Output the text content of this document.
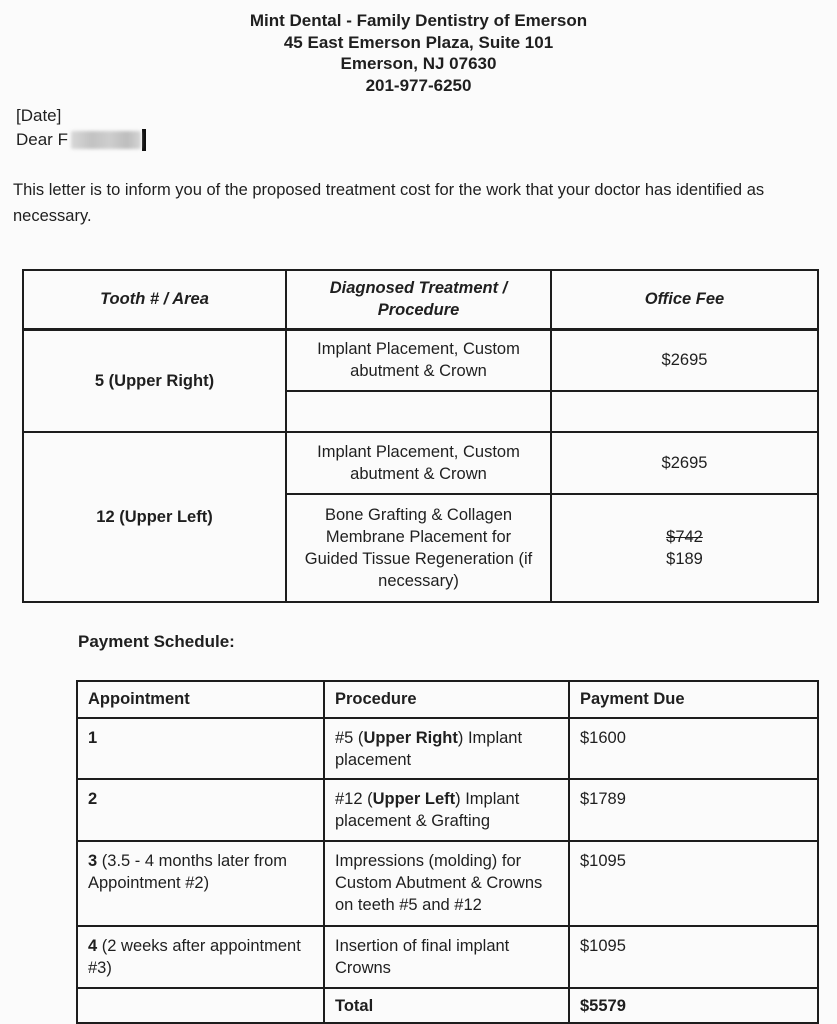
Mint Dental - Family Dentistry of Emerson
45 East Emerson Plaza, Suite 101
Emerson, NJ 07630
201-977-6250
[Date]
Dear F
This letter is to inform you of the proposed treatment cost for the work that your doctor has identified as necessary.
Tooth # / Area	Diagnosed Treatment / Procedure	Office Fee
5 (Upper Right)	Implant Placement, Custom abutment & Crown	$2695

12 (Upper Left)	Implant Placement, Custom abutment & Crown	$2695

	Bone Grafting & Collagen Membrane Placement for Guided Tissue Regeneration (if necessary)	$742
$189
Payment Schedule:
Appointment	Procedure	Payment Due
1	#5 (Upper Right) Implant placement	$1600
2	#12 (Upper Left) Implant placement & Grafting	$1789
3 (3.5 - 4 months later from Appointment #2)	Impressions (molding) for Custom Abutment & Crowns on teeth #5 and #12	$1095
4 (2 weeks after appointment #3)	Insertion of final implant Crowns	$1095
	Total	$5579
